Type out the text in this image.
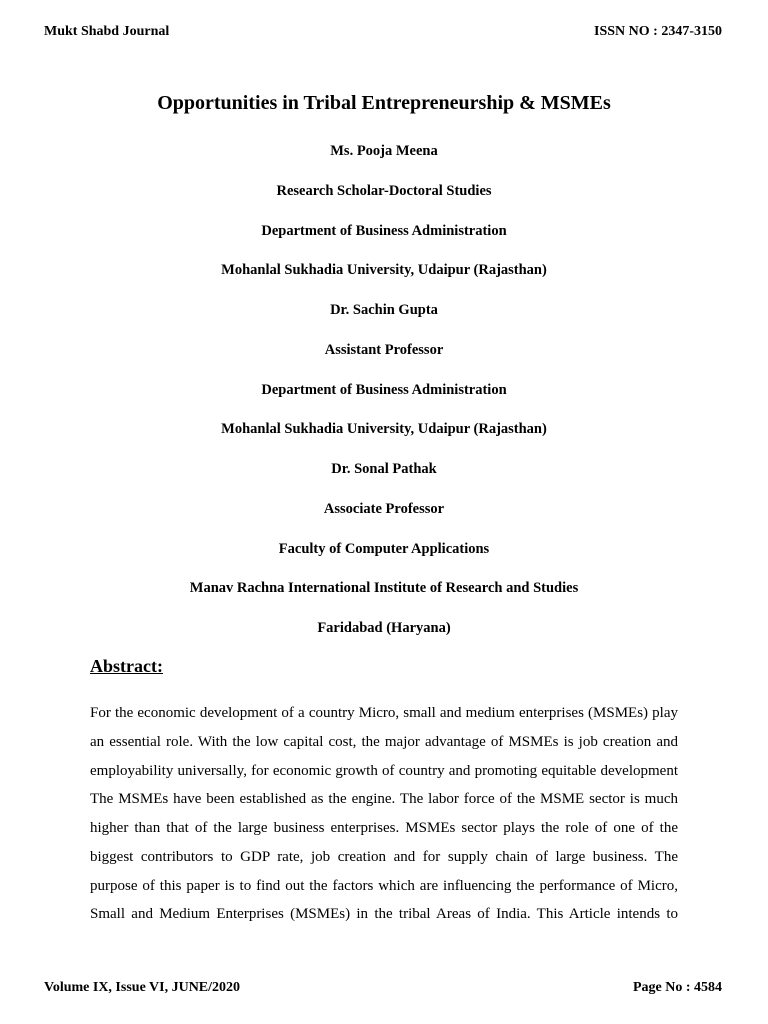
Mukt Shabd Journal	ISSN NO : 2347-3150
Opportunities in Tribal Entrepreneurship & MSMEs
Ms. Pooja Meena
Research Scholar-Doctoral Studies
Department of Business Administration
Mohanlal Sukhadia University, Udaipur (Rajasthan)
Dr. Sachin Gupta
Assistant Professor
Department of Business Administration
Mohanlal Sukhadia University, Udaipur (Rajasthan)
Dr. Sonal Pathak
Associate Professor
Faculty of Computer Applications
Manav Rachna International Institute of Research and Studies
Faridabad (Haryana)
Abstract:

For the economic development of a country Micro, small and medium enterprises (MSMEs) play
an essential role. With the low capital cost, the major advantage of MSMEs is job creation and
employability universally, for economic growth of country and promoting equitable development
The MSMEs have been established as the engine. The labor force of the MSME sector is much
higher than that of the large business enterprises. MSMEs sector plays the role of one of the
biggest contributors to GDP rate, job creation and for supply chain of large business. The
purpose of this paper is to find out the factors which are influencing the performance of Micro,
Small and Medium Enterprises (MSMEs) in the tribal Areas of India. This Article intends to

Volume IX, Issue VI, JUNE/2020	Page No : 4584
